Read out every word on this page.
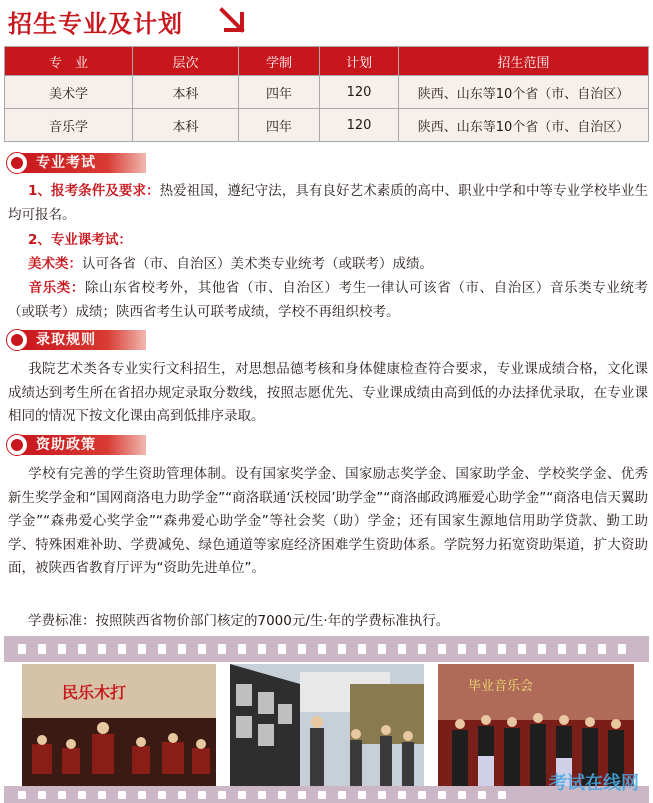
招生专业及计划
专　业	层次	学制	计划	招生范围
美术学	本科	四年	120	陕西、山东等10个省（市、自治区）
音乐学	本科	四年	120	陕西、山东等10个省（市、自治区）
专业考试

1、报考条件及要求：热爱祖国，遵纪守法，具有良好艺术素质的高中、职业中学和中等专业学校毕业生均可报名。

2、专业课考试：

美术类：认可各省（市、自治区）美术类专业统考（或联考）成绩。

音乐类：除山东省校考外，其他省（市、自治区）考生一律认可该省（市、自治区）音乐类专业统考（或联考）成绩；陕西省考生认可联考成绩，学校不再组织校考。

录取规则

我院艺术类各专业实行文科招生，对思想品德考核和身体健康检查符合要求，专业课成绩合格，文化课成绩达到考生所在省招办规定录取分数线，按照志愿优先、专业课成绩由高到低的办法择优录取，在专业课相同的情况下按文化课由高到低排序录取。

资助政策

学校有完善的学生资助管理体制。设有国家奖学金、国家励志奖学金、国家助学金、学校奖学金、优秀新生奖学金和“国网商洛电力助学金”“商洛联通‘沃校园’助学金”“商洛邮政鸿雁爱心助学金”“商洛电信天翼助学金”“森弗爱心奖学金”“森弗爱心助学金”等社会奖（助）学金；还有国家生源地信用助学贷款、勤工助学、特殊困难补助、学费减免、绿色通道等家庭经济困难学生资助体系。学院努力拓宽资助渠道，扩大资助面，被陕西省教育厅评为“资助先进单位”。

学费标准：按照陕西省物价部门核定的7000元/生·年的学费标准执行。

民乐木打	毕业音乐会
考试在线网
